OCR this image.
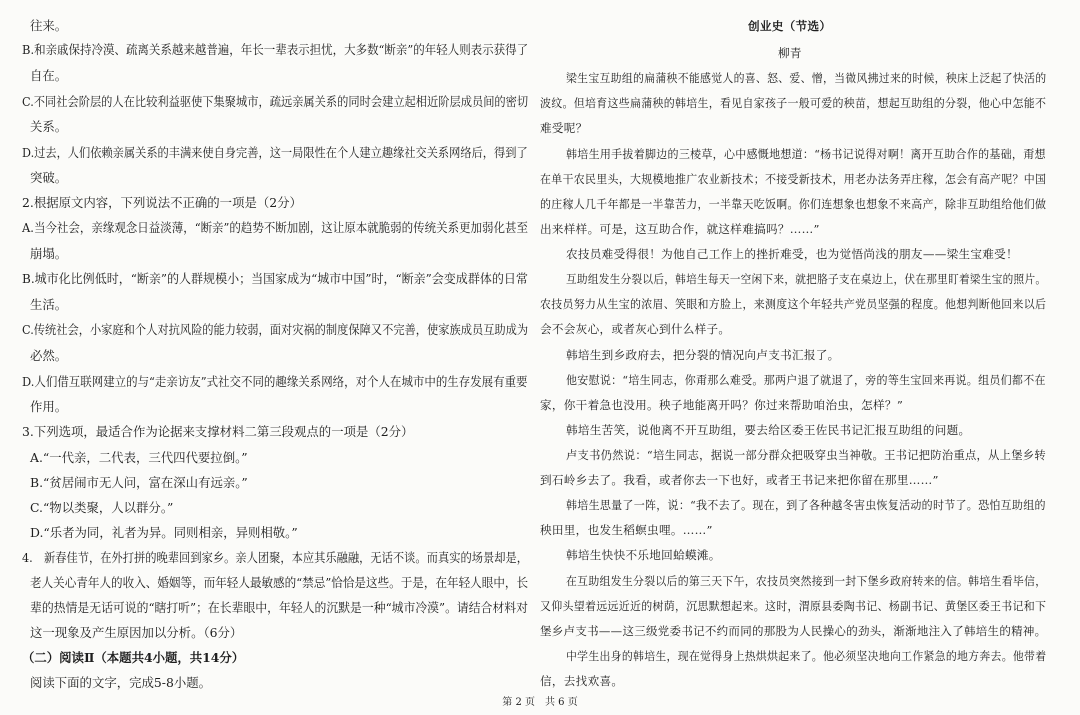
往来。
B.和亲戚保持冷漠、疏离关系越来越普遍，年长一辈表示担忧，大多数“断亲”的年轻人则表示获得了
自在。
C.不同社会阶层的人在比较利益驱使下集聚城市，疏远亲属关系的同时会建立起相近阶层成员间的密切
关系。
D.过去，人们依赖亲属关系的丰满来使自身完善，这一局限性在个人建立趣缘社交关系网络后，得到了
突破。
2.根据原文内容，下列说法不正确的一项是（2分）
A.当今社会，亲缘观念日益淡薄，“断亲”的趋势不断加剧，这让原本就脆弱的传统关系更加弱化甚至
崩塌。
B.城市化比例低时，“断亲”的人群规模小；当国家成为“城市中国”时，“断亲”会变成群体的日常
生活。
C.传统社会，小家庭和个人对抗风险的能力较弱，面对灾祸的制度保障又不完善，使家族成员互助成为
必然。
D.人们借互联网建立的与“走亲访友”式社交不同的趣缘关系网络，对个人在城市中的生存发展有重要
作用。
3.下列选项，最适合作为论据来支撑材料二第三段观点的一项是（2分）
A.“一代亲，二代表，三代四代要拉倒。”
B.“贫居闹市无人问，富在深山有远亲。”
C.“物以类聚，人以群分。”
D.“乐者为同，礼者为异。同则相亲，异则相敬。”
4.　新春佳节，在外打拼的晚辈回到家乡。亲人团聚，本应其乐融融，无话不谈。而真实的场景却是，
老人关心青年人的收入、婚姻等，而年轻人最敏感的“禁忌”恰恰是这些。于是，在年轻人眼中，长
辈的热情是无话可说的“瞎打听”；在长辈眼中，年轻人的沉默是一种“城市冷漠”。请结合材料对
这一现象及产生原因加以分析。（6分）
（二）阅读Ⅱ（本题共4小题，共14分）
阅读下面的文字，完成5-8小题。
创业史（节选）
柳青
梁生宝互助组的扁蒲秧不能感觉人的喜、怒、爱、憎，当微风拂过来的时候，秧床上泛起了快活的
波纹。但培育这些扁蒲秧的韩培生，看见自家孩子一般可爱的秧苗，想起互助组的分裂，他心中怎能不
难受呢？
韩培生用手拔着脚边的三棱草，心中感慨地想道：“杨书记说得对啊！离开互助合作的基础，甭想
在单干农民里头，大规模地推广农业新技术；不接受新技术，用老办法务弄庄稼，怎会有高产呢？中国
的庄稼人几千年都是一半靠苦力，一半靠天吃饭啊。你们连想象也想象不来高产，除非互助组给他们做
出来样样。可是，这互助合作，就这样难搞吗？……”
农技员难受得很！为他自己工作上的挫折难受，也为觉悟尚浅的朋友——梁生宝难受！
互助组发生分裂以后，韩培生每天一空闲下来，就把胳子支在桌边上，伏在那里盯着梁生宝的照片。
农技员努力从生宝的浓眉、笑眼和方脸上，来测度这个年轻共产党员坚强的程度。他想判断他回来以后
会不会灰心，或者灰心到什么样子。
韩培生到乡政府去，把分裂的情况向卢支书汇报了。
他安慰说：“培生同志，你甭那么难受。那两户退了就退了，旁的等生宝回来再说。组员们都不在
家，你干着急也没用。秧子地能离开吗？你过来帮助咱治虫，怎样？”
韩培生苦笑，说他离不开互助组，要去给区委王佐民书记汇报互助组的问题。
卢支书仍然说：“培生同志，据说一部分群众把吸穿虫当神敬。王书记把防治重点，从上堡乡转
到石岭乡去了。我看，或者你去一下也好，或者王书记来把你留在那里……”
韩培生思量了一阵，说：“我不去了。现在，到了各种越冬害虫恢复活动的时节了。恐怕互助组的
秧田里，也发生稻螟虫哩。……”
韩培生快快不乐地回蛤蟆滩。
在互助组发生分裂以后的第三天下午，农技员突然接到一封下堡乡政府转来的信。韩培生看毕信，
又仰头望着远远近近的树荫，沉思默想起来。这时，渭原县委陶书记、杨副书记、黄堡区委王书记和下
堡乡卢支书——这三级党委书记不约而同的那股为人民操心的劲头，渐渐地注入了韩培生的精神。
中学生出身的韩培生，现在觉得身上热烘烘起来了。他必须坚决地向工作紧急的地方奔去。他带着
信，去找欢喜。
第 2 页　共 6 页
